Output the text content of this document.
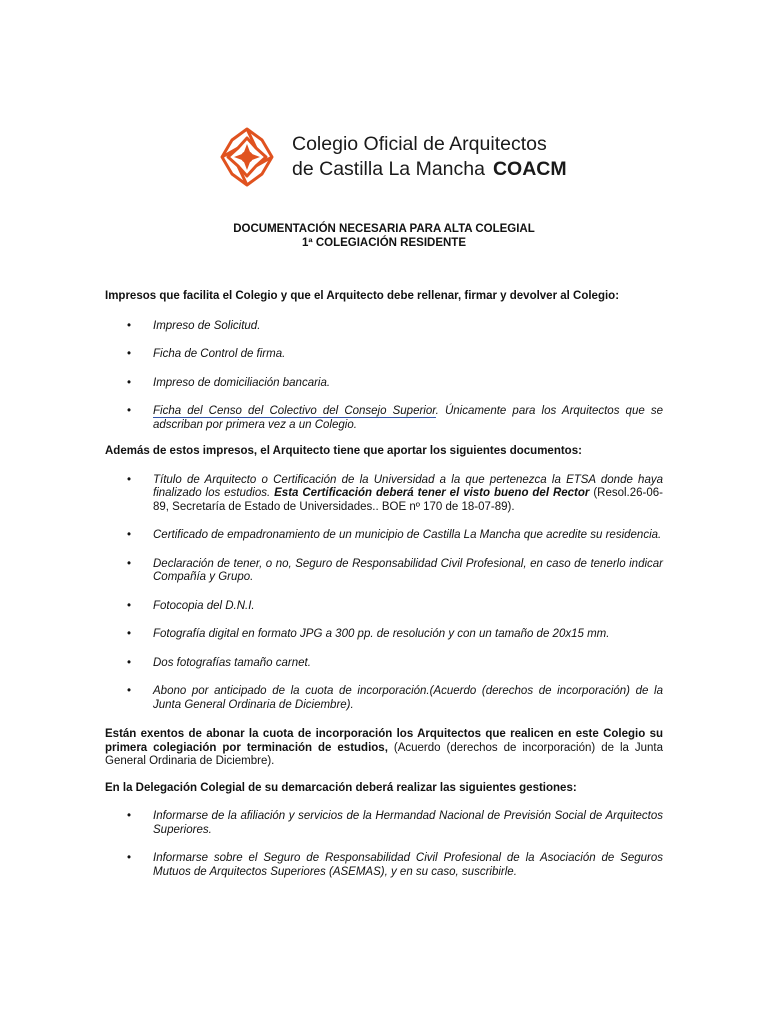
Colegio Oficial de Arquitectos
de Castilla La Mancha COACM
DOCUMENTACIÓN NECESARIA PARA ALTA COLEGIAL
1ª COLEGIACIÓN RESIDENTE

Impresos que facilita el Colegio y que el Arquitecto debe rellenar, firmar y devolver al Colegio:

• Impreso de Solicitud.
• Ficha de Control de firma.
• Impreso de domiciliación bancaria.
• Ficha del Censo del Colectivo del Consejo Superior. Únicamente para los Arquitectos que se adscriban por primera vez a un Colegio.

Además de estos impresos, el Arquitecto tiene que aportar los siguientes documentos:

• Título de Arquitecto o Certificación de la Universidad a la que pertenezca la ETSA donde haya finalizado los estudios. Esta Certificación deberá tener el visto bueno del Rector (Resol.26-06-89, Secretaría de Estado de Universidades.. BOE nº 170 de 18-07-89).
• Certificado de empadronamiento de un municipio de Castilla La Mancha que acredite su residencia.
• Declaración de tener, o no, Seguro de Responsabilidad Civil Profesional, en caso de tenerlo indicar Compañía y Grupo.
• Fotocopia del D.N.I.
• Fotografía digital en formato JPG a 300 pp. de resolución y con un tamaño de 20x15 mm.
• Dos fotografías tamaño carnet.
• Abono por anticipado de la cuota de incorporación.(Acuerdo (derechos de incorporación) de la Junta General Ordinaria de Diciembre).

Están exentos de abonar la cuota de incorporación los Arquitectos que realicen en este Colegio su primera colegiación por terminación de estudios, (Acuerdo (derechos de incorporación) de la Junta General Ordinaria de Diciembre).

En la Delegación Colegial de su demarcación deberá realizar las siguientes gestiones:

• Informarse de la afiliación y servicios de la Hermandad Nacional de Previsión Social de Arquitectos Superiores.
• Informarse sobre el Seguro de Responsabilidad Civil Profesional de la Asociación de Seguros Mutuos de Arquitectos Superiores (ASEMAS), y en su caso, suscribirle.
